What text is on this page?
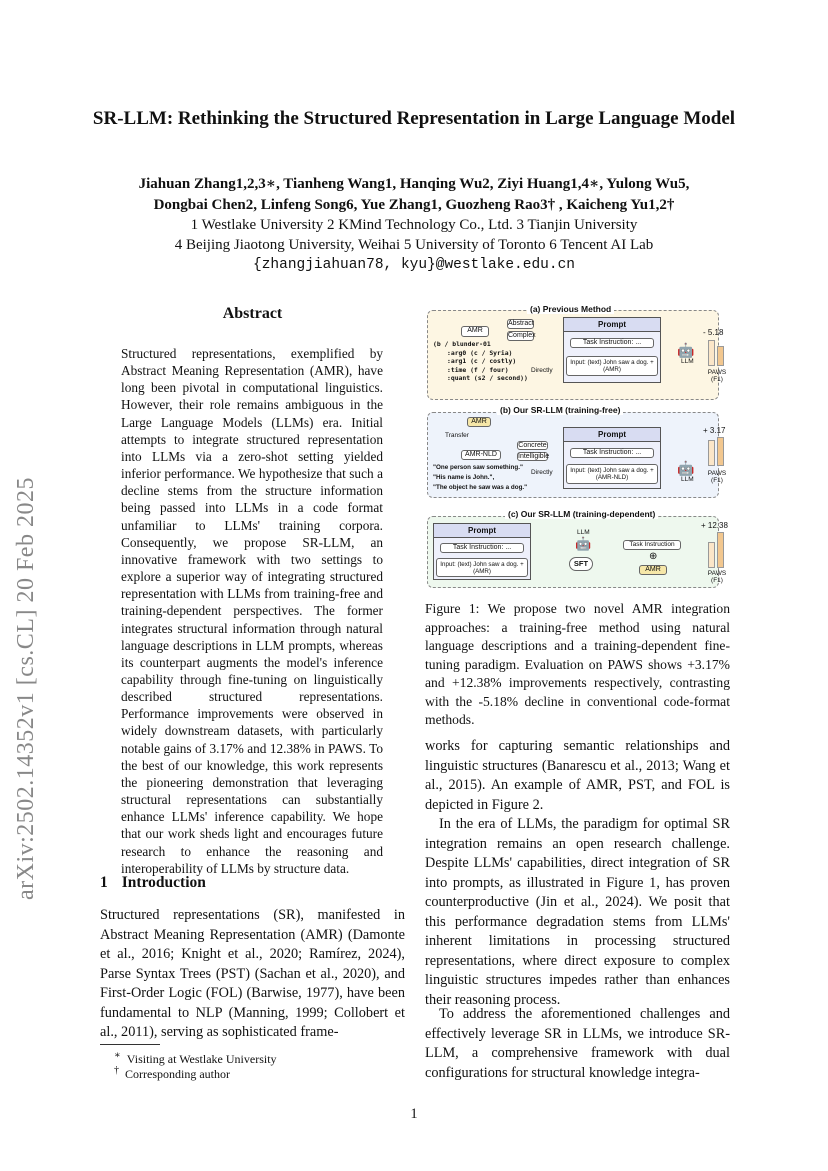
arXiv:2502.14352v1 [cs.CL] 20 Feb 2025
SR-LLM: Rethinking the Structured Representation in Large Language Model
Jiahuan Zhang1,2,3∗, Tianheng Wang1, Hanqing Wu2, Ziyi Huang1,4∗, Yulong Wu5,
Dongbai Chen2, Linfeng Song6, Yue Zhang1, Guozheng Rao3† , Kaicheng Yu1,2†
1 Westlake University 2 KMind Technology Co., Ltd. 3 Tianjin University
4 Beijing Jiaotong University, Weihai 5 University of Toronto 6 Tencent AI Lab
{zhangjiahuan78, kyu}@westlake.edu.cn
Abstract
Structured representations, exemplified by Abstract Meaning Representation (AMR), have long been pivotal in computational linguistics. However, their role remains ambiguous in the Large Language Models (LLMs) era. Initial attempts to integrate structured representation into LLMs via a zero-shot setting yielded inferior performance. We hypothesize that such a decline stems from the structure information being passed into LLMs in a code format unfamiliar to LLMs' training corpora. Consequently, we propose SR-LLM, an innovative framework with two settings to explore a superior way of integrating structured representation with LLMs from training-free and training-dependent perspectives. The former integrates structural information through natural language descriptions in LLM prompts, whereas its counterpart augments the model's inference capability through fine-tuning on linguistically described structured representations. Performance improvements were observed in widely downstream datasets, with particularly notable gains of 3.17% and 12.38% in PAWS. To the best of our knowledge, this work represents the pioneering demonstration that leveraging structural representations can substantially enhance LLMs' inference capability. We hope that our work sheds light and encourages future research to enhance the reasoning and interoperability of LLMs by structure data.
1 Introduction
Structured representations (SR), manifested in Abstract Meaning Representation (AMR) (Damonte et al., 2016; Knight et al., 2020; Ramírez, 2024), Parse Syntax Trees (PST) (Sachan et al., 2020), and First-Order Logic (FOL) (Barwise, 1977), have been fundamental to NLP (Manning, 1999; Collobert et al., 2011), serving as sophisticated frame-
∗ Visiting at Westlake University
† Corresponding author
(a) Previous Method
AMR
Abstract
Complex
(b / blunder-01
:arg0 (c / Syria)
:arg1 (c / costly)
:time (f / four)
:quant (s2 / second))
Directly
Prompt
Task Instruction: ...
Input: (text) John saw a dog. + (AMR)
🤖
LLM
- 5.18
PAWS (F1)
(b) Our SR-LLM (training-free)
AMR
Transfer
AMR-NLD
Concrete
Intelligible
"One person saw something."
"His name is John.",
"The object he saw was a dog."
Directly
Prompt
Task Instruction: ...
Input: (text) John saw a dog. + (AMR-NLD)
🤖
LLM
+ 3.17
PAWS (F1)
(c) Our SR-LLM (training-dependent)
Prompt
Task Instruction: ...
Input: (text) John saw a dog. + (AMR)
LLM
🤖
SFT
Task Instruction
⊕
AMR
+ 12.38
PAWS (F1)
Figure 1: We propose two novel AMR integration approaches: a training-free method using natural language descriptions and a training-dependent fine-tuning paradigm. Evaluation on PAWS shows +3.17% and +12.38% improvements respectively, contrasting with the -5.18% decline in conventional code-format methods.
works for capturing semantic relationships and linguistic structures (Banarescu et al., 2013; Wang et al., 2015). An example of AMR, PST, and FOL is depicted in Figure 2.
In the era of LLMs, the paradigm for optimal SR integration remains an open research challenge. Despite LLMs' capabilities, direct integration of SR into prompts, as illustrated in Figure 1, has proven counterproductive (Jin et al., 2024). We posit that this performance degradation stems from LLMs' inherent limitations in processing structured representations, where direct exposure to complex linguistic structures impedes rather than enhances their reasoning process.
To address the aforementioned challenges and effectively leverage SR in LLMs, we introduce SR-LLM, a comprehensive framework with dual configurations for structural knowledge integra-
1
